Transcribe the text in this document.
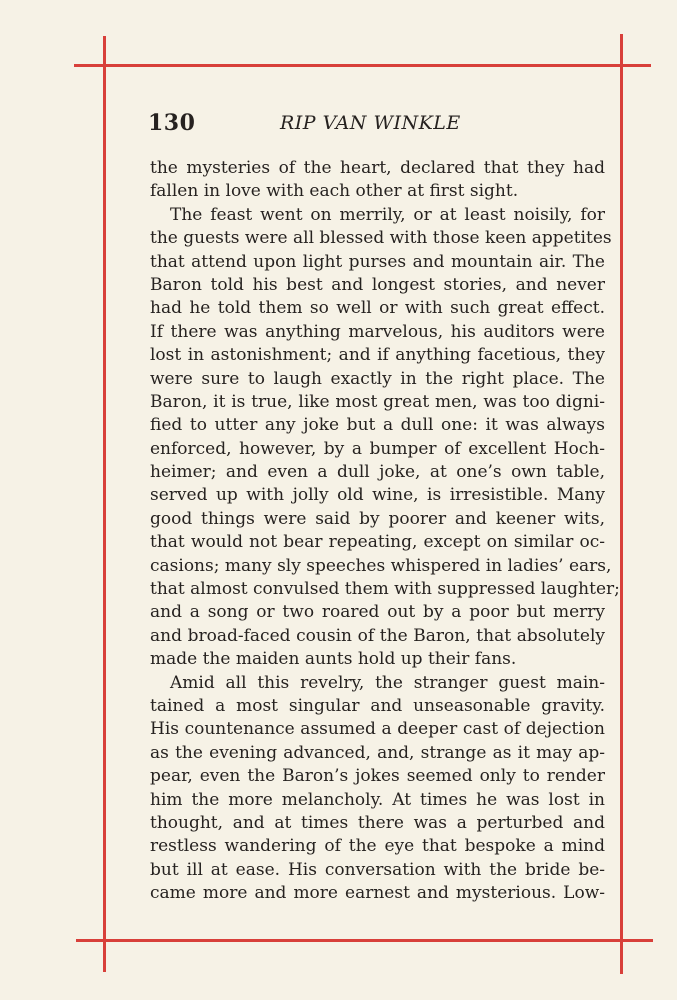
130	RIP VAN WINKLE
the mysteries of the heart, declared that they had
fallen in love with each other at first sight.
The feast went on merrily, or at least noisily, for
the guests were all blessed with those keen appetites
that attend upon light purses and mountain air. The
Baron told his best and longest stories, and never
had he told them so well or with such great effect.
If there was anything marvelous, his auditors were
lost in astonishment; and if anything facetious, they
were sure to laugh exactly in the right place. The
Baron, it is true, like most great men, was too digni-
fied to utter any joke but a dull one: it was always
enforced, however, by a bumper of excellent Hoch-
heimer; and even a dull joke, at one’s own table,
served up with jolly old wine, is irresistible. Many
good things were said by poorer and keener wits,
that would not bear repeating, except on similar oc-
casions; many sly speeches whispered in ladies’ ears,
that almost convulsed them with suppressed laughter;
and a song or two roared out by a poor but merry
and broad-faced cousin of the Baron, that absolutely
made the maiden aunts hold up their fans.
Amid all this revelry, the stranger guest main-
tained a most singular and unseasonable gravity.
His countenance assumed a deeper cast of dejection
as the evening advanced, and, strange as it may ap-
pear, even the Baron’s jokes seemed only to render
him the more melancholy. At times he was lost in
thought, and at times there was a perturbed and
restless wandering of the eye that bespoke a mind
but ill at ease. His conversation with the bride be-
came more and more earnest and mysterious. Low-
